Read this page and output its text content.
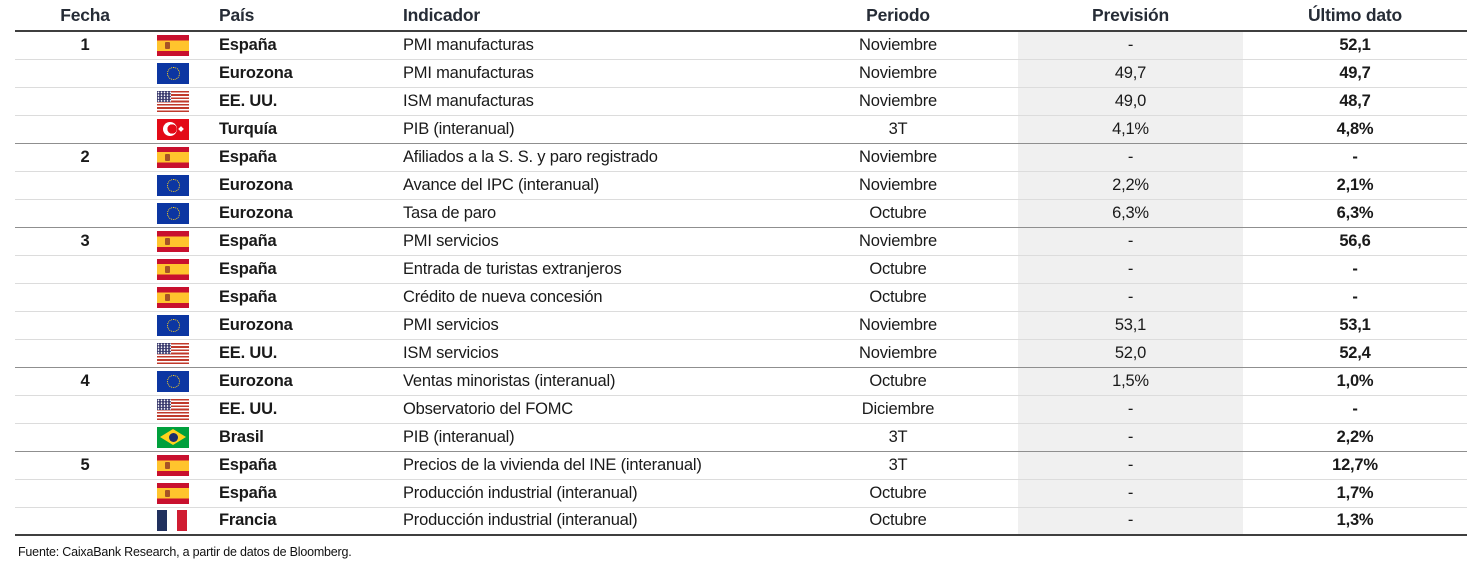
Fecha		País	Indicador	Periodo	Previsión	Último dato
1		España	PMI manufacturas	Noviembre	-	52,1
		Eurozona	PMI manufacturas	Noviembre	49,7	49,7
		EE. UU.	ISM manufacturas	Noviembre	49,0	48,7
		Turquía	PIB (interanual)	3T	4,1%	4,8%
2		España	Afiliados a la S. S. y paro registrado	Noviembre	-	-
		Eurozona	Avance del IPC (interanual)	Noviembre	2,2%	2,1%
		Eurozona	Tasa de paro	Octubre	6,3%	6,3%
3		España	PMI servicios	Noviembre	-	56,6
		España	Entrada de turistas extranjeros	Octubre	-	-
		España	Crédito de nueva concesión	Octubre	-	-
		Eurozona	PMI servicios	Noviembre	53,1	53,1
		EE. UU.	ISM servicios	Noviembre	52,0	52,4
4		Eurozona	Ventas minoristas (interanual)	Octubre	1,5%	1,0%
		EE. UU.	Observatorio del FOMC	Diciembre	-	-
		Brasil	PIB (interanual)	3T	-	2,2%
5		España	Precios de la vivienda del INE (interanual)	3T	-	12,7%
		España	Producción industrial (interanual)	Octubre	-	1,7%
		Francia	Producción industrial (interanual)	Octubre	-	1,3%
Fuente: CaixaBank Research, a partir de datos de Bloomberg.
